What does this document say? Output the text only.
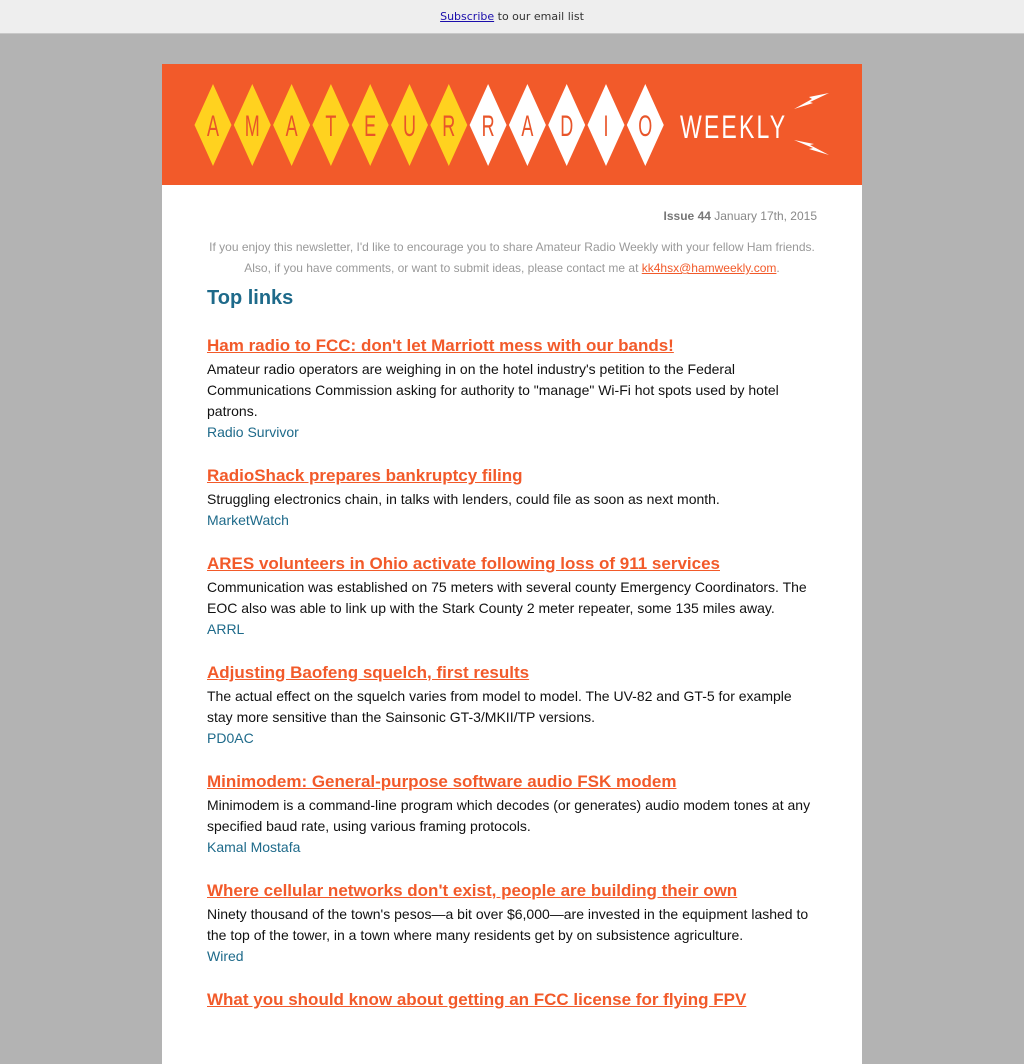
Subscribe to our email list
A M A T E U R R A D I O WEEKLY
Issue 44 January 17th, 2015
If you enjoy this newsletter, I'd like to encourage you to share Amateur Radio Weekly with your fellow Ham friends. Also, if you have comments, or want to submit ideas, please contact me at kk4hsx@hamweekly.com.
Top links
Ham radio to FCC: don't let Marriott mess with our bands!
Amateur radio operators are weighing in on the hotel industry's petition to the Federal Communications Commission asking for authority to "manage" Wi-Fi hot spots used by hotel patrons.
Radio Survivor
RadioShack prepares bankruptcy filing
Struggling electronics chain, in talks with lenders, could file as soon as next month.
MarketWatch
ARES volunteers in Ohio activate following loss of 911 services
Communication was established on 75 meters with several county Emergency Coordinators. The EOC also was able to link up with the Stark County 2 meter repeater, some 135 miles away.
ARRL
Adjusting Baofeng squelch, first results
The actual effect on the squelch varies from model to model. The UV-82 and GT-5 for example stay more sensitive than the Sainsonic GT-3/MKII/TP versions.
PD0AC
Minimodem: General-purpose software audio FSK modem
Minimodem is a command-line program which decodes (or generates) audio modem tones at any specified baud rate, using various framing protocols.
Kamal Mostafa
Where cellular networks don't exist, people are building their own
Ninety thousand of the town's pesos—a bit over $6,000—are invested in the equipment lashed to the top of the tower, in a town where many residents get by on subsistence agriculture.
Wired
What you should know about getting an FCC license for flying FPV
